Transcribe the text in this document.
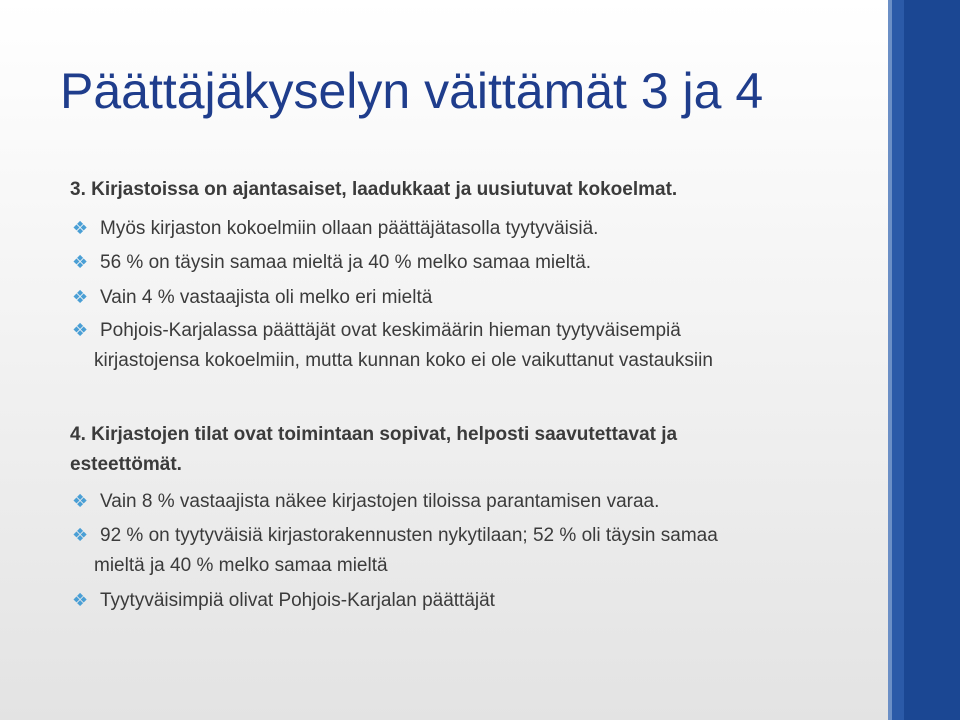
Päättäjäkyselyn väittämät 3 ja 4
3. Kirjastoissa on ajantasaiset, laadukkaat ja uusiutuvat kokoelmat.
❖ Myös kirjaston kokoelmiin ollaan päättäjätasolla tyytyväisiä.
❖ 56 % on täysin samaa mieltä ja 40 % melko samaa mieltä.
❖ Vain 4 % vastaajista oli melko eri mieltä
❖ Pohjois-Karjalassa päättäjät ovat keskimäärin hieman tyytyväisempiä
kirjastojensa kokoelmiin, mutta kunnan koko ei ole vaikuttanut vastauksiin
4. Kirjastojen tilat ovat toimintaan sopivat, helposti saavutettavat ja
esteettömät.
❖ Vain 8 % vastaajista näkee kirjastojen tiloissa parantamisen varaa.
❖ 92 % on tyytyväisiä kirjastorakennusten nykytilaan; 52 % oli täysin samaa
mieltä ja 40 % melko samaa mieltä
❖ Tyytyväisimpiä olivat Pohjois-Karjalan päättäjät
